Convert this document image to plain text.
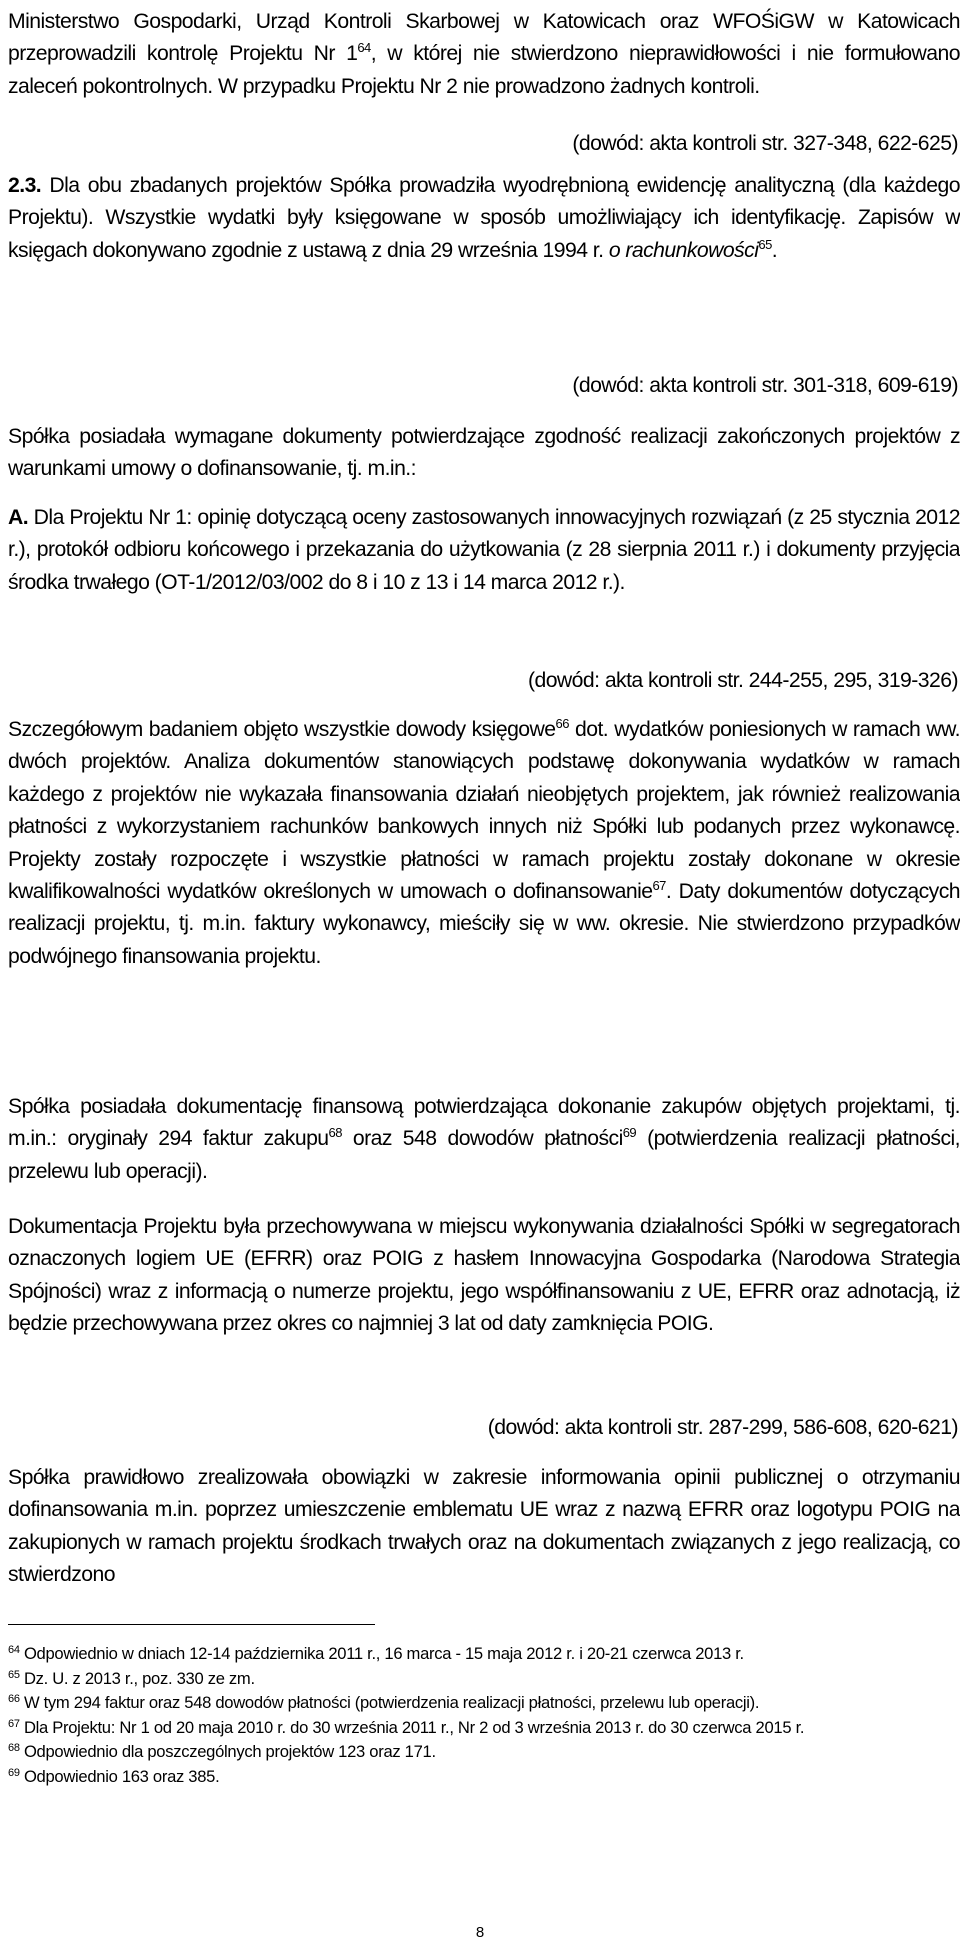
Ministerstwo Gospodarki, Urząd Kontroli Skarbowej w Katowicach oraz WFOŚiGW w Katowicach przeprowadzili kontrolę Projektu Nr $1^{64}$, w której nie stwierdzono nieprawidłowości i nie formułowano zaleceń pokontrolnych. W przypadku Projektu Nr 2 nie prowadzono żadnych kontroli.

(dowód: akta kontroli str. 327-348, 622-625)

2.3. Dla obu zbadanych projektów Spółka prowadziła wyodrębnioną ewidencję analityczną (dla każdego Projektu). Wszystkie wydatki były księgowane w sposób umożliwiający ich identyfikację. Zapisów w księgach dokonywano zgodnie z ustawą z dnia 29 września 1994 r. o rachunkowości$^{65}$.

(dowód: akta kontroli str. 301-318, 609-619)

Spółka posiadała wymagane dokumenty potwierdzające zgodność realizacji zakończonych projektów z warunkami umowy o dofinansowanie, tj. m.in.:

A. Dla Projektu Nr 1: opinię dotyczącą oceny zastosowanych innowacyjnych rozwiązań (z 25 stycznia 2012 r.), protokół odbioru końcowego i przekazania do użytkowania (z 28 sierpnia 2011 r.) i dokumenty przyjęcia środka trwałego (OT-1/2012/03/002 do 8 i 10 z 13 i 14 marca 2012 r.).

(dowód: akta kontroli str. 244-255, 295, 319-326)

Szczegółowym badaniem objęto wszystkie dowody księgowe$^{66}$ dot. wydatków poniesionych w ramach ww. dwóch projektów. Analiza dokumentów stanowiących podstawę dokonywania wydatków w ramach każdego z projektów nie wykazała finansowania działań nieobjętych projektem, jak również realizowania płatności z wykorzystaniem rachunków bankowych innych niż Spółki lub podanych przez wykonawcę. Projekty zostały rozpoczęte i wszystkie płatności w ramach projektu zostały dokonane w okresie kwalifikowalności wydatków określonych w umowach o dofinansowanie$^{67}$. Daty dokumentów dotyczących realizacji projektu, tj. m.in. faktury wykonawcy, mieściły się w ww. okresie. Nie stwierdzono przypadków podwójnego finansowania projektu.

Spółka posiadała dokumentację finansową potwierdzająca dokonanie zakupów objętych projektami, tj. m.in.: oryginały 294 faktur zakupu$^{68}$ oraz 548 dowodów płatności$^{69}$ (potwierdzenia realizacji płatności, przelewu lub operacji).

Dokumentacja Projektu była przechowywana w miejscu wykonywania działalności Spółki w segregatorach oznaczonych logiem UE (EFRR) oraz POIG z hasłem Innowacyjna Gospodarka (Narodowa Strategia Spójności) wraz z informacją o numerze projektu, jego współfinansowaniu z UE, EFRR oraz adnotacją, iż będzie przechowywana przez okres co najmniej 3 lat od daty zamknięcia POIG.

(dowód: akta kontroli str. 287-299, 586-608, 620-621)

Spółka prawidłowo zrealizowała obowiązki w zakresie informowania opinii publicznej o otrzymaniu dofinansowania m.in. poprzez umieszczenie emblematu UE wraz z nazwą EFRR oraz logotypu POIG na zakupionych w ramach projektu środkach trwałych oraz na dokumentach związanych z jego realizacją, co stwierdzono

$^{64}$ Odpowiednio w dniach 12-14 października 2011 r., 16 marca - 15 maja 2012 r. i 20-21 czerwca 2013 r.

$^{65}$ Dz. U. z 2013 r., poz. 330 ze zm.

$^{66}$ W tym 294 faktur oraz 548 dowodów płatności (potwierdzenia realizacji płatności, przelewu lub operacji).

$^{67}$ Dla Projektu: Nr 1 od 20 maja 2010 r. do 30 września 2011 r., Nr 2 od 3 września 2013 r. do 30 czerwca 2015 r.

$^{68}$ Odpowiednio dla poszczególnych projektów 123 oraz 171.

$^{69}$ Odpowiednio 163 oraz 385.

8
